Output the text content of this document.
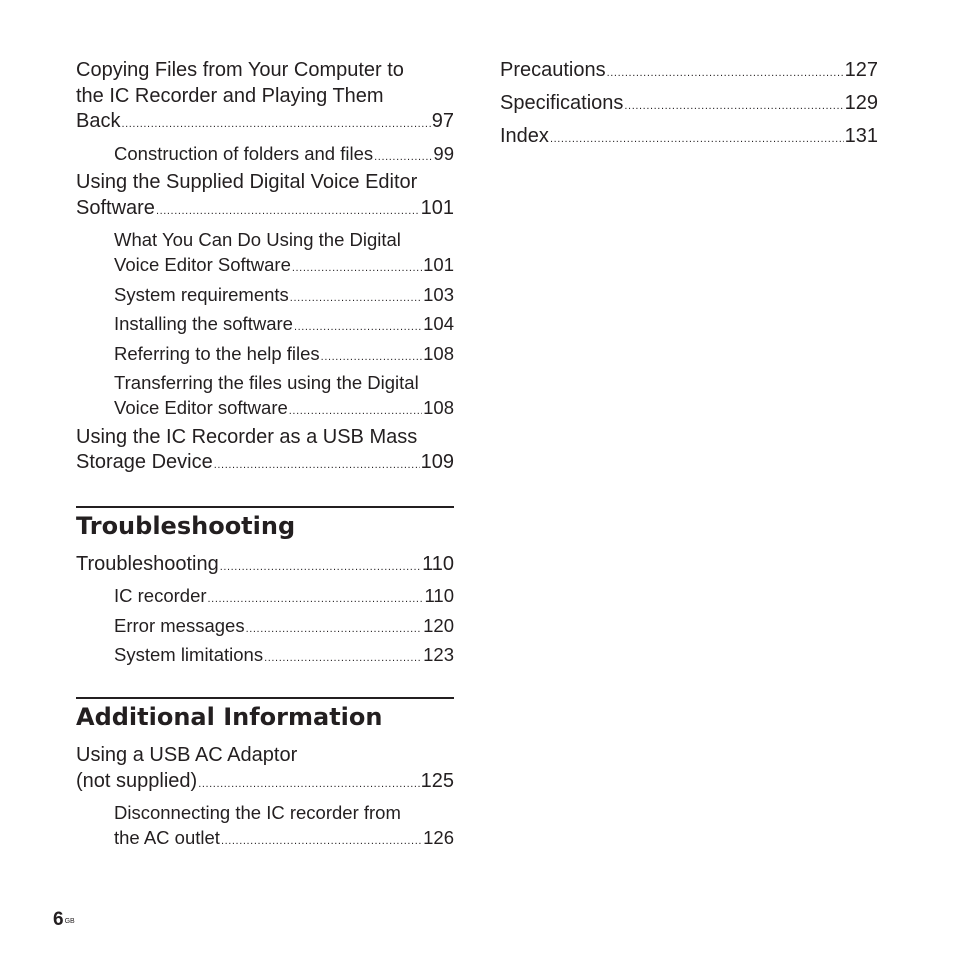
Copying Files from Your Computer to
the IC Recorder and Playing Them
Back .....	97
Construction of folders and files .....	99
Using the Supplied Digital Voice Editor
Software .....	101
What You Can Do Using the Digital
Voice Editor Software .....	101
System requirements .....	103
Installing the software .....	104
Referring to the help files .....	108
Transferring the files using the Digital
Voice Editor software .....	108
Using the IC Recorder as a USB Mass
Storage Device .....	109
Troubleshooting
Troubleshooting .....	110
IC recorder .....	110
Error messages .....	120
System limitations .....	123
Additional Information
Using a USB AC Adaptor
(not supplied) .....	125
Disconnecting the IC recorder from
the AC outlet .....	126
Precautions .....	127
Specifications .....	129
Index .....	131
$6^{GB}$
